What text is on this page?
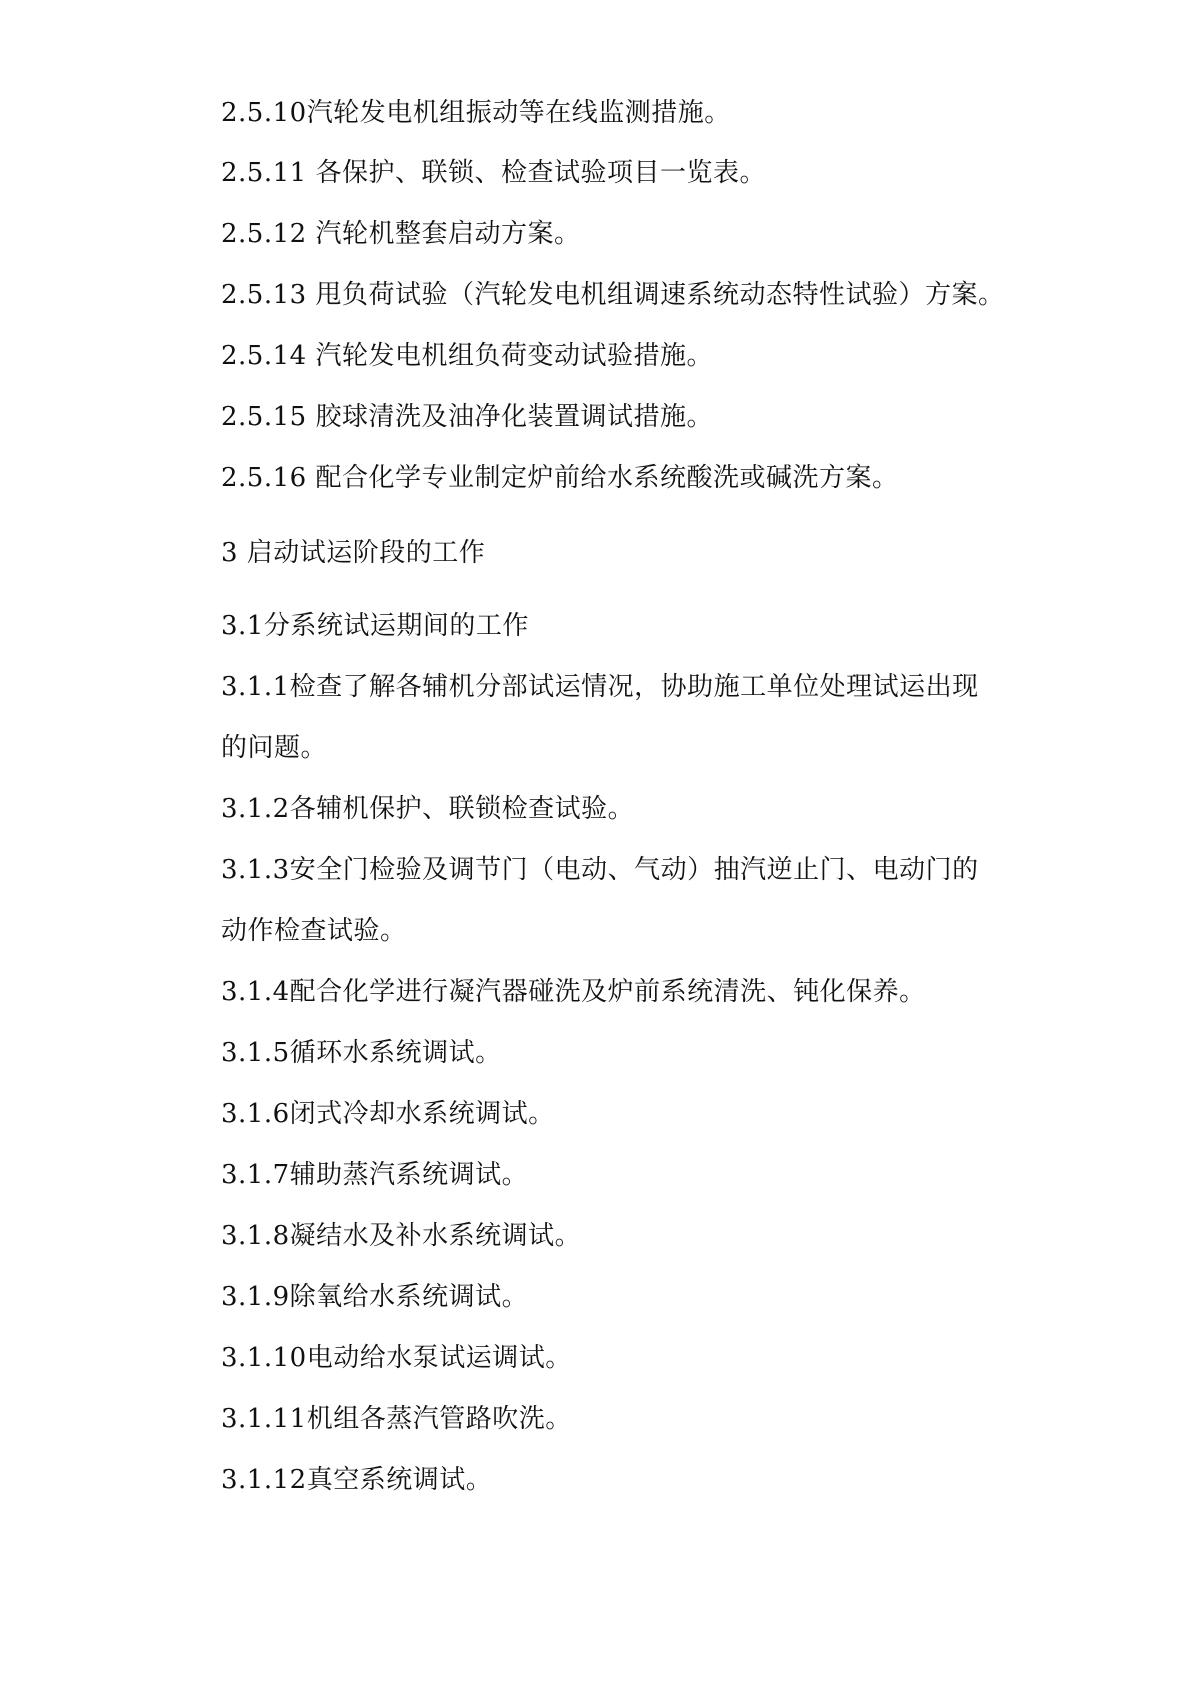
2.5.10汽轮发电机组振动等在线监测措施。
2.5.11 各保护、联锁、检查试验项目一览表。
2.5.12 汽轮机整套启动方案。
2.5.13 甩负荷试验（汽轮发电机组调速系统动态特性试验）方案。
2.5.14 汽轮发电机组负荷变动试验措施。
2.5.15 胶球清洗及油净化装置调试措施。
2.5.16 配合化学专业制定炉前给水系统酸洗或碱洗方案。
3 启动试运阶段的工作
3.1分系统试运期间的工作
3.1.1检查了解各辅机分部试运情况，协助施工单位处理试运出现
的问题。
3.1.2各辅机保护、联锁检查试验。
3.1.3安全门检验及调节门（电动、气动）抽汽逆止门、电动门的
动作检查试验。
3.1.4配合化学进行凝汽器碰洗及炉前系统清洗、钝化保养。
3.1.5循环水系统调试。
3.1.6闭式冷却水系统调试。
3.1.7辅助蒸汽系统调试。
3.1.8凝结水及补水系统调试。
3.1.9除氧给水系统调试。
3.1.10电动给水泵试运调试。
3.1.11机组各蒸汽管路吹洗。
3.1.12真空系统调试。
